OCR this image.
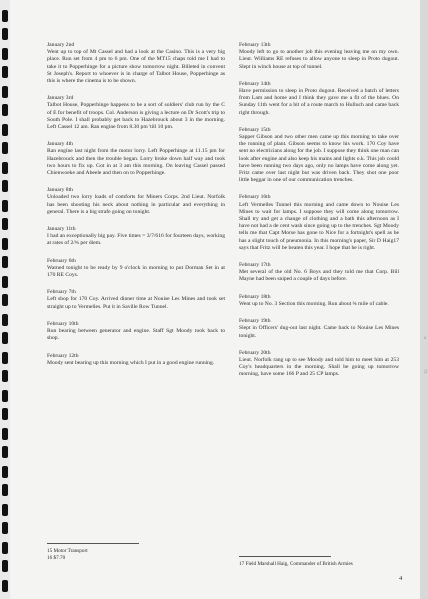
January 2nd
Went up to top of Mt Cassel and had a look at the Casino. This is a very big place. Run set from 4 pm to 6 pm. One of the MT15 chaps told me I had to take it to Popperhinge for a picture show tomorrow night. Billeted in convent St Joseph's. Report to whoever is in charge of Talbot House, Popperhinge as this is where the cinema is to be shown.
January 3rd
Talbot House, Popperhinge happens to be a sort of soldiers' club run by the C of E for benefit of troops. Col. Anderson is giving a lecture on Dr Scott's trip to South Pole. I shall probably get back to Hazebrouck about 3 in the morning. Left Cassel 12 am. Ran engine from 8.30 pm 'till 10 pm.
January 4th
Ran engine last night from the motor lorry. Left Popperhinge at 11.15 pm for Hazebrouck and then the trouble began. Lorry broke down half way and took two hours to fix up. Got in at 3 am this morning. On leaving Cassel passed Chienwoeke and Abeele and then on to Popperhinge.
January 8th
Unloaded two lorry loads of comforts for Miners Corps. 2nd Lieut. Norfolk has been shooting his neck about nothing in particular and everything in general. There is a big strafe going on tonight.
January 11th
I had an exceptionally big pay. Five times = 3/7/616 for fourteen days, working at rates of 2/¾ per diem.
February 6th
Warned tonight to be ready by 9 o'clock in morning to put Dorman Set in at 170 RE Coys.
February 7th
Left shop for 170 Coy. Arrived dinner time at Nouise Les Mines and took set straight up to Vermelles. Put it in Saville Row Tunnel.
February 10th
Run bearing between generator and engine. Staff Sgt Moody took back to shop.
February 12th
Moody sent bearing up this morning which I put in a good engine running.
February 13th
Moody left to go to another job this evening leaving me on my own. Lieut. Williams RE refuses to allow anyone to sleep in Proto dugout. Slept in winch house at top of tunnel.
February 14th
Have permission to sleep in Proto dugout. Received a batch of letters from Lam and home and I think they gave me a fit of the blues. On Sunday 11th went for a bit of a route march to Hulluch and came back right through.
February 15th
Sapper Gibson and two other men came up this morning to take over the running of plant. Gibson seems to know his work. 170 Coy have sent no electricians along for the job. I suppose they think one man can look after engine and also keep his mains and lights o.k. This job could have been running two days ago, only no lamps have come along yet. Fritz came over last night but was driven back. They shot one poor little beggar in one of our communication trenches.
February 16th
Left Vermelles Tunnel this morning and came down to Nouise Les Mines to wait for lamps. I suppose they will come along tomorrow. Shall try and get a change of clothing and a bath this afternoon as I have not had a de cent wash since going up to the trenches. Sgt Moody tells me that Capt Morse has gone to Nice for a fortnight's spell as he has a slight touch of pneumonia. In this morning's paper, Sir D Haig17 says that Fritz will be beaten this year. I hope that he is right.
February 17th
Met several of the old No. 6 Boys and they told me that Corp. Bill Mayne had been sniped a couple of days before.
February 18th
Went up to No. 3 Section this morning. Run about ¾ mile of cable.
February 19th
Slept in Officers' dug-out last night. Came back to Nouise Les Mines tonight.
February 20th
Lieut. Norfolk rang up to see Moody and told him to meet him at 253 Coy's headquarters in the morning. Shall be going up tomorrow morning, have some 166 P and 25 CP lamps.
15 Motor Transport
16 $7.70
17 Field Marshall Haig, Commander of British Armies
4
a
|2
